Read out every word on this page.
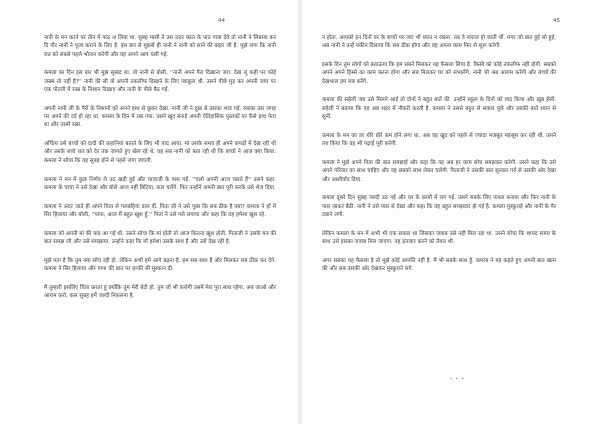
44

नानी के मन करने पर तीन में पाठ अ लिया था. सुबह मासी ने उस उत्तर काल के पाठ गावा देवे तो नानी ने लिबाया कर दि पीर नानी ने पूजा कराने के लिए है. इस बार से मुझसे ही नानी ने नानी को लाने की बाहर जी है. मुझे लगा कि नानी रात को सबसे पहले भोजन करेगी और वह अपने आप चली गई.

कमला का दिन इस बार भी मुझ सुखद था. वो नानी से बोली, ''नानी अपने पैरा दिखाना जरा. देख लूं कही पर कोई जख्म तो नहीं है?'' नानी की सी वो अपनी तकलीफ दिखाने के लिए व्याकुल थी. उसने पीछे मुड़ कर अपनी जांघ पर एक पोटली में राख के निशान दिखाए और नानी के पीछे बैठ गई.

अपनी नानी जी के पैरों के निशानों को अपने हाथ से छूकर देखा. नानी जी ने दुख से उसका भाव गई. सबका उस जगह पर अपने की दर्द हो रहा था. कमला के दिन में रख गया. उसने खुद बनाई अपनी ऐतिहासिक पुस्तकों पर कैसे हाथ फेरा था और उसमें रखा.

अचिंत्य उसे बच्चों को दादी की कहानियां बताते के लिए भी याद आया. मां उसके समय ही अपने कपड़ों में देख रही थी और उसके बच्चे रात को देर तक जागते हुए खेल रहे थे. वह सब नानी को बता रही थी कि बच्चों ने आज क्या किया. कमला ने सोचा कि वह सुबह होने से पहले जाग जाएगी.

कमला ने मन में कुछ निर्णय ले उठ खड़ी हुई और चाचाजी के पास गई. ''चलो अपनी आज चलते हैं'' उसने कहा. कमला के चाचा ने उसे देखा और बोले आज नहीं बिटिया, कल चलेंगे. फिर उन्होंने अपनी बात पूरी करके उसे भेज दिया.

कमला ने अंदर जाते ही अपने पिता से गलबहियां डाल दीं. पिता जी ने उसे पूछा कि सब ठीक है क्या? कमला ने हाँ में सिर हिलाया और बोली, ''पापा, आज मैं बहुत खुश हूँ.'' पिता ने उसे गले लगाया और कहा कि वह हमेशा खुश रहे.

कमला को अपनी मां की याद आ गई थी. उसने सोचा कि मां होती तो आज कितना खुश होती. पिताजी ने उसके मन की बात समझ ली और उसे समझाया. उन्होंने कहा कि माँ हमेशा उसके साथ है और उसे देख रही है.

मुझे पता है कि तुम क्या सोच रही हो. लेकिन अभी हमें आगे बढ़ना है. हम सब साथ हैं और मिलकर सब ठीक कर देंगे. कमला ने सिर हिलाया और पापा की बात पर हल्की सी मुस्कान दी.

मैं तुम्हारी इसलिए चिंता करता हूं क्योंकि तुम मेरी बेटी हो. तुम जो भी करोगी उसमें मेरा पूरा साथ रहेगा. अब जाओ और आराम करो, कल सुबह हमें जल्दी निकलना है.

45

न होता. आपको इन दिनों घर के बच्चों पर जरा भी ध्यान न रखना. तब वे नाराज हो जाती थीं. मगर जो बात हुई सो हुई, अब नानी ने उन्हें यकीन दिलाया कि सब ठीक होगा और वह अपना काम फिर से शुरू करेगी.

इसके दिन तुम लोगों को बताऊंगा कि हम सबने मिलकर यह फैसला लिया है. किसी को कोई तकलीफ नहीं होगी. सबको अपने अपने हिस्से का काम करना होगा और सब मिलकर घर को संभालेंगे. नानी भी अब आराम करेंगी और बच्चों की देखभाल हम सब करेंगे.

कमला की सहेली जब उसे मिलने आई तो दोनों ने बहुत बातें कीं. उन्होंने स्कूल के दिनों को याद किया और खूब हँसीं. सहेली ने बताया कि वह अब शहर में नौकरी करती है. कमला ने उससे बहुत से सवाल पूछे और उसकी बातें ध्यान से सुनीं.

कमला के मन का डर धीरे धीरे कम होने लगा था. अब वह खुद को पहले से ज्यादा मजबूत महसूस कर रही थी. उसने तय किया कि वह भी पढ़ाई पूरी करेगी.

कमला ने मुझे अपने पिता की बात समझाई और कहा कि वह अब हर काम सोच समझकर करेगी. उसने कहा कि उसे अपने परिवार का साथ चाहिए और वह सबको साथ लेकर चलेगी. पिताजी ने उसकी बात सुनकर गर्व से उसकी ओर देखा और आशीर्वाद दिया.

कमला दूसरे दिन सुबह जल्दी उठ गई और घर के कामों में लग गई. उसने सबके लिए नाश्ता बनाया और फिर नानी के पास जाकर बैठी. नानी ने उसे प्यार से देखा और कहा कि वह बहुत समझदार हो गई है. कमला मुस्कुराई और नानी के पैर दबाने लगी.

लेकिन कमला के मन में अभी भी एक सवाल था जिसका जवाब उसे नहीं मिल रहा था. उसने सोचा कि शायद समय के साथ उसे इसका जवाब मिल जाएगा. वह इंतजार करने को तैयार थी.

अगर सबका यह फैसला है तो मुझे कोई आपत्ति नहीं है. मैं भी सबके साथ हूँ. कमला ने यह कहते हुए अपनी बात खत्म की और सब उसकी ओर देखकर मुस्कुराने लगे.

* * *
